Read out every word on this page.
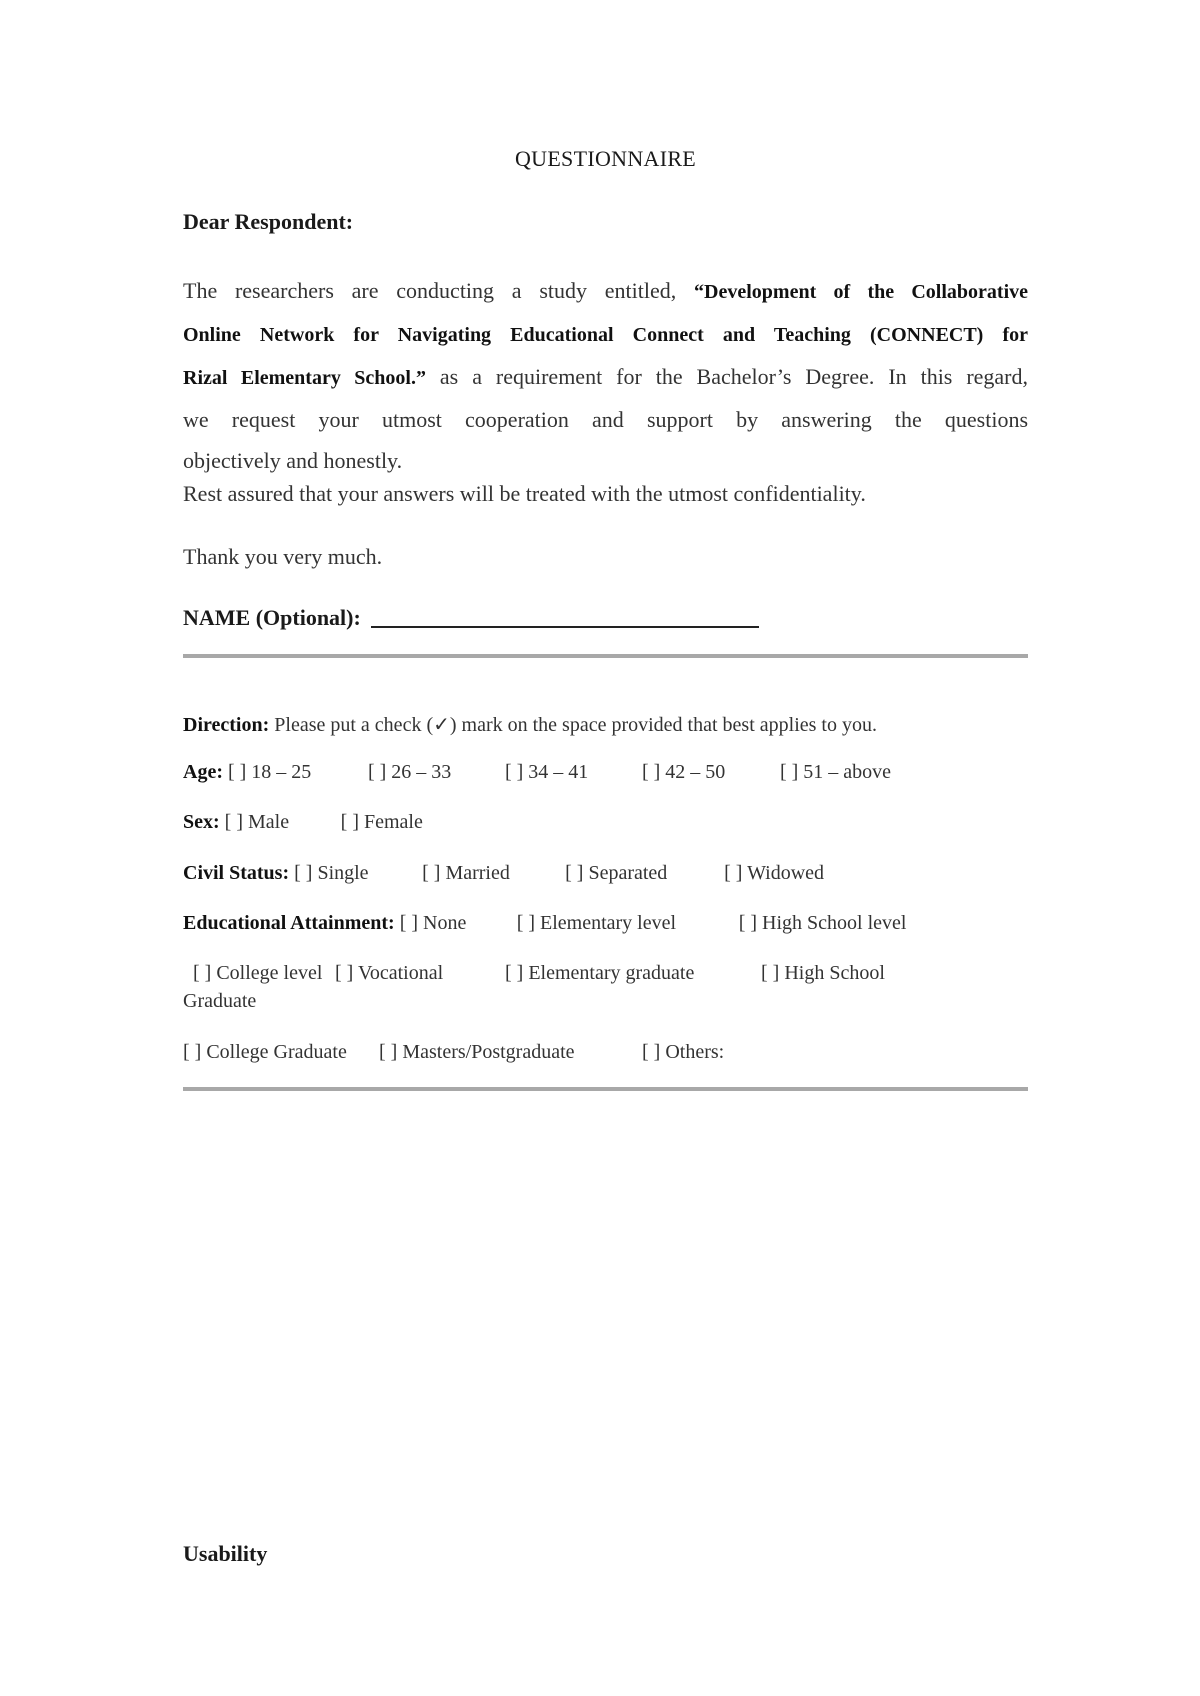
QUESTIONNAIRE
Dear Respondent:
The researchers are conducting a study entitled, “Development of the Collaborative
Online Network for Navigating Educational Connect and Teaching (CONNECT) for
Rizal Elementary School.” as a requirement for the Bachelor’s Degree. In this regard,
we request your utmost cooperation and support by answering the questions
objectively and honestly.
Rest assured that your answers will be treated with the utmost confidentiality.
Thank you very much.
NAME (Optional):
Direction: Please put a check (✓) mark on the space provided that best applies to you.
Age: [ ] 18 – 25	[ ] 26 – 33	[ ] 34 – 41	[ ] 42 – 50	[ ] 51 – above
Sex: [ ] Male	[ ] Female
Civil Status: [ ] Single	[ ] Married	[ ] Separated	[ ] Widowed
Educational Attainment: [ ] None	[ ] Elementary level	[ ] High School level
[ ] College level [ ] Vocational	[ ] Elementary graduate	[ ] High School
Graduate
[ ] College Graduate [ ] Masters/Postgraduate	[ ] Others:
Usability
